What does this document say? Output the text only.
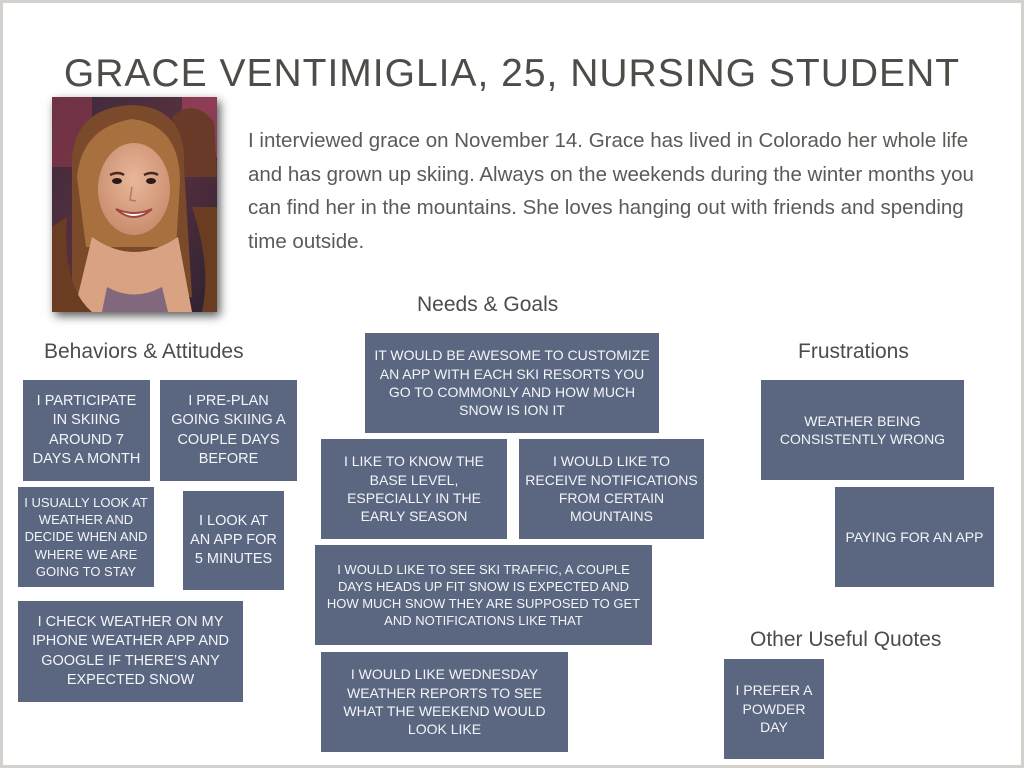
GRACE VENTIMIGLIA, 25, NURSING STUDENT

I interviewed grace on November 14. Grace has lived in Colorado her whole life and has grown up skiing. Always on the weekends during the winter months you can find her in the mountains. She loves hanging out with friends and spending time outside.

Behaviors & Attitudes
Needs & Goals
Frustrations
Other Useful Quotes
I PARTICIPATE IN SKIING AROUND 7 DAYS A MONTH
I PRE-PLAN GOING SKIING A COUPLE DAYS BEFORE
I USUALLY LOOK AT WEATHER AND DECIDE WHEN AND WHERE WE ARE GOING TO STAY
I LOOK AT AN APP FOR 5 MINUTES
I CHECK WEATHER ON MY IPHONE WEATHER APP AND GOOGLE IF THERE’S ANY EXPECTED SNOW
IT WOULD BE AWESOME TO CUSTOMIZE AN APP WITH EACH SKI RESORTS YOU GO TO COMMONLY AND HOW MUCH SNOW IS ION IT
I LIKE TO KNOW THE BASE LEVEL, ESPECIALLY IN THE EARLY SEASON
I WOULD LIKE TO RECEIVE NOTIFICATIONS FROM CERTAIN MOUNTAINS
I WOULD LIKE TO SEE SKI TRAFFIC, A COUPLE DAYS HEADS UP FIT SNOW IS EXPECTED AND HOW MUCH SNOW THEY ARE SUPPOSED TO GET AND NOTIFICATIONS LIKE THAT
I WOULD LIKE WEDNESDAY WEATHER REPORTS TO SEE WHAT THE WEEKEND WOULD LOOK LIKE
WEATHER BEING CONSISTENTLY WRONG
PAYING FOR AN APP
I PREFER A POWDER DAY
